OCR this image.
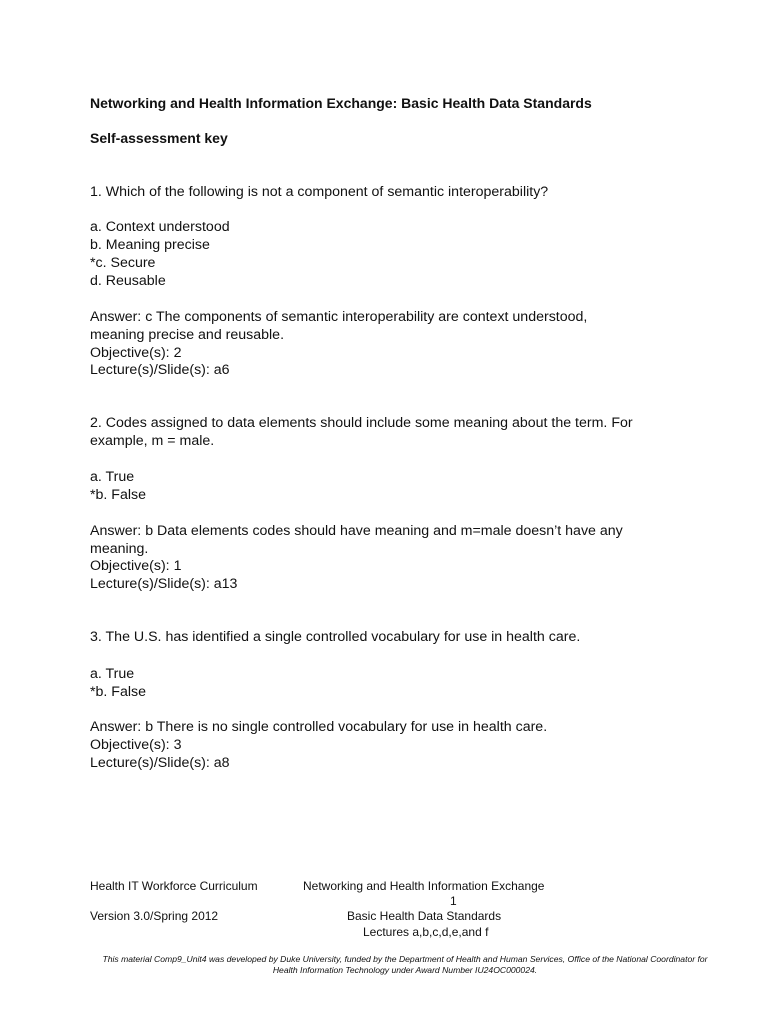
Networking and Health Information Exchange: Basic Health Data Standards
Self-assessment key
1. Which of the following is not a component of semantic interoperability?
a. Context understood
b. Meaning precise
*c. Secure
d. Reusable
Answer: c The components of semantic interoperability are context understood, meaning precise and reusable.
Objective(s): 2
Lecture(s)/Slide(s): a6
2. Codes assigned to data elements should include some meaning about the term. For example, m = male.
a. True
*b. False
Answer: b Data elements codes should have meaning and m=male doesn’t have any meaning.
Objective(s): 1
Lecture(s)/Slide(s): a13
3. The U.S. has identified a single controlled vocabulary for use in health care.
a. True
*b. False
Answer: b There is no single controlled vocabulary for use in health care.
Objective(s): 3
Lecture(s)/Slide(s): a8
Health IT Workforce Curriculum	Networking and Health Information Exchange
1
Version 3.0/Spring 2012	Basic Health Data Standards
Lectures a,b,c,d,e,and f
This material Comp9_Unit4 was developed by Duke University, funded by the Department of Health and Human Services, Office of the National Coordinator for Health Information Technology under Award Number IU24OC000024.
